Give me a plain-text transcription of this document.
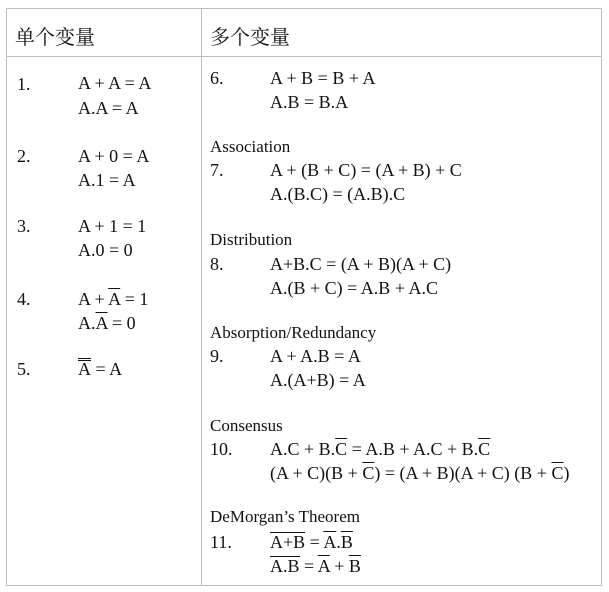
单个变量	多个变量
1.	A + A = A
A.A = A
2.	A + 0 = A
A.1 = A
3.	A + 1 = 1
A.0 = 0
4.	$A + \overline{A} = 1$
$A.\overline{A} = 0$
5.	$\overline{A} = A$
6.	A + B = B + A
A.B = B.A
Association
7.	A + (B + C) = (A + B) + C
A.(B.C) = (A.B).C
Distribution
8.	A+B.C = (A + B)(A + C)
A.(B + C) = A.B + A.C
Absorption/Redundancy
9.	A + A.B = A
A.(A+B) = A
Consensus
10. $A.C + B.\overline{C} = A.B + A.C + B.\overline{C}$
$(A + C)(B + \overline{C}) = (A + B)(A + C)$ $(B + \overline{C})$
DeMorgan’s Theorem
11. $A+B = \overline{A}.\overline{B}$
$A.B = \overline{A} + \overline{B}$
